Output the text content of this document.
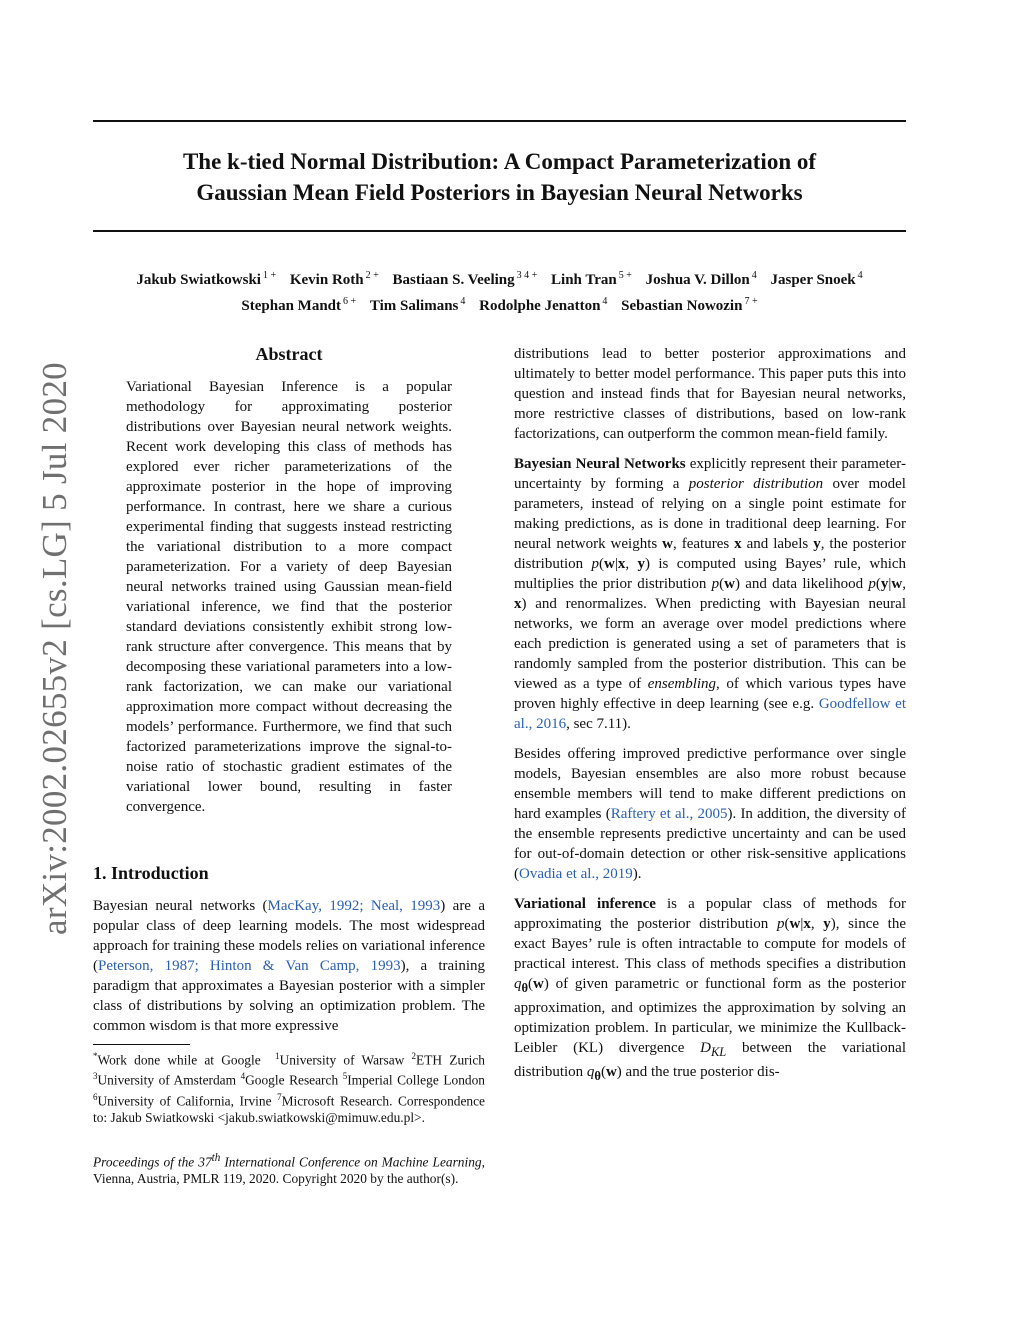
The k-tied Normal Distribution: A Compact Parameterization of
Gaussian Mean Field Posteriors in Bayesian Neural Networks
Jakub Swiatkowski $^{1 +}$ Kevin Roth $^{2 +}$ Bastiaan S. Veeling $^{3 4 +}$ Linh Tran $^{5 +}$ Joshua V. Dillon $^4$ Jasper Snoek $^4$
Stephan Mandt $^{6 +}$ Tim Salimans $^4$ Rodolphe Jenatton $^4$ Sebastian Nowozin $^{7 +}$
arXiv:2002.02655v2 [cs.LG] 5 Jul 2020
Abstract
Variational Bayesian Inference is a popular methodology for approximating posterior distributions over Bayesian neural network weights. Recent work developing this class of methods has explored ever richer parameterizations of the approximate posterior in the hope of improving performance. In contrast, here we share a curious experimental finding that suggests instead restricting the variational distribution to a more compact parameterization. For a variety of deep Bayesian neural networks trained using Gaussian mean-field variational inference, we find that the posterior standard deviations consistently exhibit strong low-rank structure after convergence. This means that by decomposing these variational parameters into a low-rank factorization, we can make our variational approximation more compact without decreasing the models’ performance. Furthermore, we find that such factorized parameterizations improve the signal-to-noise ratio of stochastic gradient estimates of the variational lower bound, resulting in faster convergence.
1. Introduction
Bayesian neural networks (MacKay, 1992; Neal, 1993) are a popular class of deep learning models. The most widespread approach for training these models relies on variational inference (Peterson, 1987; Hinton & Van Camp, 1993), a training paradigm that approximates a Bayesian posterior with a simpler class of distributions by solving an optimization problem. The common wisdom is that more expressive
*Work done while at Google $^1$University of Warsaw $^2$ETH Zurich $^3$University of Amsterdam $^4$Google Research $^5$Imperial College London $^6$University of California, Irvine $^7$Microsoft Research. Correspondence to: Jakub Swiatkowski <jakub.swiatkowski@mimuw.edu.pl>.
Proceedings of the 37th International Conference on Machine Learning, Vienna, Austria, PMLR 119, 2020. Copyright 2020 by the author(s).

distributions lead to better posterior approximations and ultimately to better model performance. This paper puts this into question and instead finds that for Bayesian neural networks, more restrictive classes of distributions, based on low-rank factorizations, can outperform the common mean-field family.

Bayesian Neural Networks explicitly represent their parameter-uncertainty by forming a posterior distribution over model parameters, instead of relying on a single point estimate for making predictions, as is done in traditional deep learning. For neural network weights w, features x and labels y, the posterior distribution p(w|x, y) is computed using Bayes’ rule, which multiplies the prior distribution p(w) and data likelihood p(y|w, x) and renormalizes. When predicting with Bayesian neural networks, we form an average over model predictions where each prediction is generated using a set of parameters that is randomly sampled from the posterior distribution. This can be viewed as a type of ensembling, of which various types have proven highly effective in deep learning (see e.g. Goodfellow et al., 2016, sec 7.11).

Besides offering improved predictive performance over single models, Bayesian ensembles are also more robust because ensemble members will tend to make different predictions on hard examples (Raftery et al., 2005). In addition, the diversity of the ensemble represents predictive uncertainty and can be used for out-of-domain detection or other risk-sensitive applications (Ovadia et al., 2019).

Variational inference is a popular class of methods for approximating the posterior distribution p(w|x, y), since the exact Bayes’ rule is often intractable to compute for models of practical interest. This class of methods specifies a distribution $q_\theta(w)$ of given parametric or functional form as the posterior approximation, and optimizes the approximation by solving an optimization problem. In particular, we minimize the Kullback-Leibler (KL) divergence $D_{KL}$ between the variational distribution $q_\theta(w)$ and the true posterior dis-
